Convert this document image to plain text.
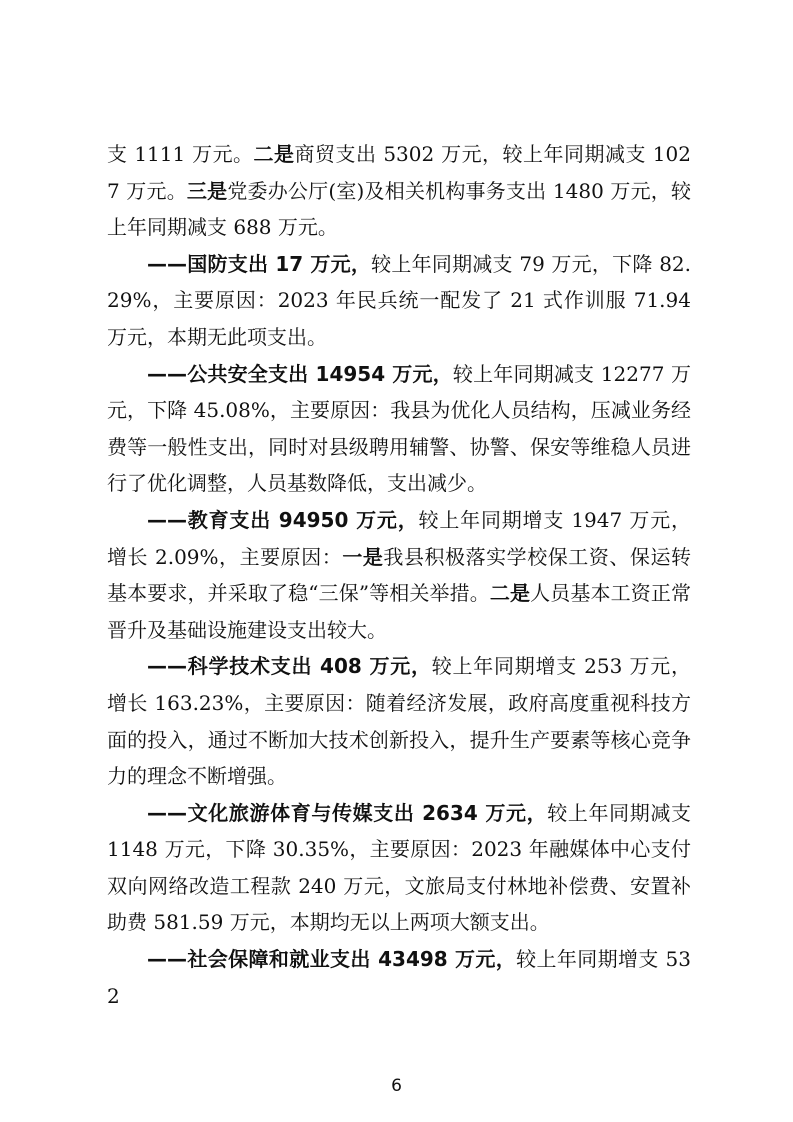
支 1111 万元。二是商贸支出 5302 万元，较上年同期减支 1027 万元。三是党委办公厅(室)及相关机构事务支出 1480 万元，较上年同期减支 688 万元。

——国防支出 17 万元，较上年同期减支 79 万元，下降 82.29%，主要原因：2023 年民兵统一配发了 21 式作训服 71.94 万元，本期无此项支出。

——公共安全支出 14954 万元，较上年同期减支 12277 万元，下降 45.08%，主要原因：我县为优化人员结构，压减业务经费等一般性支出，同时对县级聘用辅警、协警、保安等维稳人员进行了优化调整，人员基数降低，支出减少。

——教育支出 94950 万元，较上年同期增支 1947 万元，增长 2.09%，主要原因：一是我县积极落实学校保工资、保运转基本要求，并采取了稳“三保”等相关举措。二是人员基本工资正常晋升及基础设施建设支出较大。

——科学技术支出 408 万元，较上年同期增支 253 万元，增长 163.23%，主要原因：随着经济发展，政府高度重视科技方面的投入，通过不断加大技术创新投入，提升生产要素等核心竞争力的理念不断增强。

——文化旅游体育与传媒支出 2634 万元，较上年同期减支 1148 万元，下降 30.35%，主要原因：2023 年融媒体中心支付双向网络改造工程款 240 万元，文旅局支付林地补偿费、安置补助费 581.59 万元，本期均无以上两项大额支出。

——社会保障和就业支出 43498 万元，较上年同期增支 532

6
